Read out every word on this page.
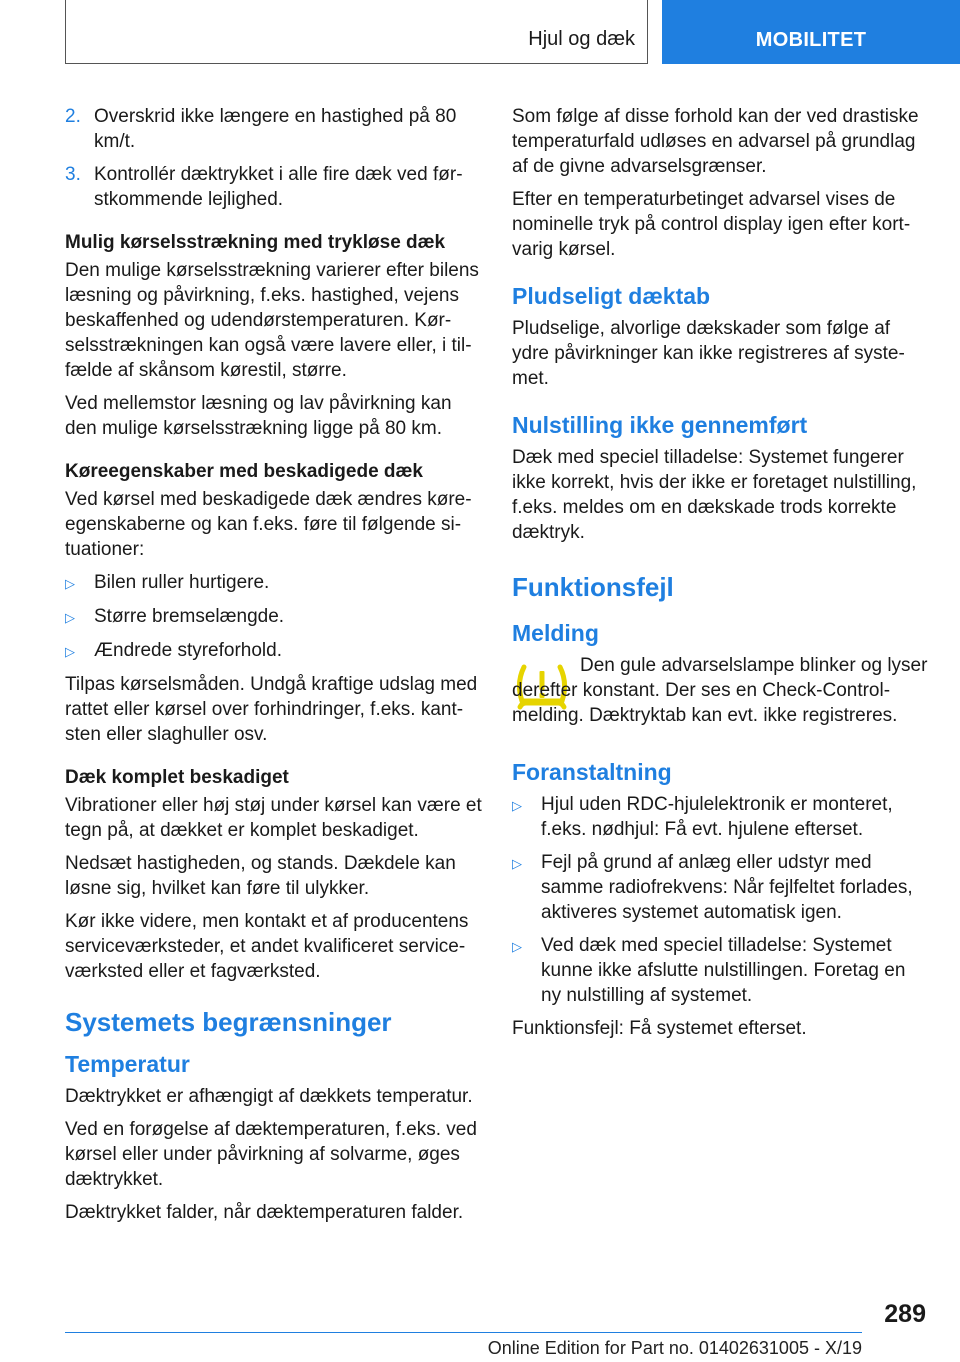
Hjul og dæk	MOBILITET
2. Overskrid ikke længere en hastighed på 80 km/t.
3. Kontrollér dæktrykket i alle fire dæk ved førstkommende lejlighed.
Mulig kørselsstrækning med trykløse dæk

Den mulige kørselsstrækning varierer efter bilens læsning og påvirkning, f.eks. hastighed, vejens beskaffenhed og udendørstemperaturen. Kørselsstrækningen kan også være lavere eller, i tilfælde af skånsom kørestil, større.

Ved mellemstor læsning og lav påvirkning kan den mulige kørselsstrækning ligge på 80 km.

Køreegenskaber med beskadigede dæk

Ved kørsel med beskadigede dæk ændres køreegenskaberne og kan f.eks. føre til følgende situationer:

▷	Bilen ruller hurtigere.
▷	Større bremselængde.
▷	Ændrede styreforhold.

Tilpas kørselsmåden. Undgå kraftige udslag med rattet eller kørsel over forhindringer, f.eks. kantsten eller slaghuller osv.

Dæk komplet beskadiget

Vibrationer eller høj støj under kørsel kan være et tegn på, at dækket er komplet beskadiget.

Nedsæt hastigheden, og stands. Dækdele kan løsne sig, hvilket kan føre til ulykker.

Kør ikke videre, men kontakt et af producentens serviceværksteder, et andet kvalificeret serviceværksted eller et fagværksted.

Systemets begrænsninger
Temperatur

Dæktrykket er afhængigt af dækkets temperatur.

Ved en forøgelse af dæktemperaturen, f.eks. ved kørsel eller under påvirkning af solvarme, øges dæktrykket.

Dæktrykket falder, når dæktemperaturen falder.

Som følge af disse forhold kan der ved drastiske temperaturfald udløses en advarsel på grundlag af de givne advarselsgrænser.

Efter en temperaturbetinget advarsel vises de nominelle tryk på control display igen efter kortvarig kørsel.

Pludseligt dæktab

Pludselige, alvorlige dækskader som følge af ydre påvirkninger kan ikke registreres af systemet.

Nulstilling ikke gennemført

Dæk med speciel tilladelse: Systemet fungerer ikke korrekt, hvis der ikke er foretaget nulstilling, f.eks. meldes om en dækskade trods korrekte dæktryk.

Funktionsfejl
Melding

Den gule advarselslampe blinker og lyser derefter konstant. Der ses en Check-Control-melding. Dæktryktab kan evt. ikke registreres.

Foranstaltning
▷	Hjul uden RDC-hjulelektronik er monteret, f.eks. nødhjul: Få evt. hjulene efterset.
▷	Fejl på grund af anlæg eller udstyr med samme radiofrekvens: Når fejlfeltet forlades, aktiveres systemet automatisk igen.
▷	Ved dæk med speciel tilladelse: Systemet kunne ikke afslutte nulstillingen. Foretag en ny nulstilling af systemet.

Funktionsfejl: Få systemet efterset.

289
Online Edition for Part no. 01402631005 - X/19
